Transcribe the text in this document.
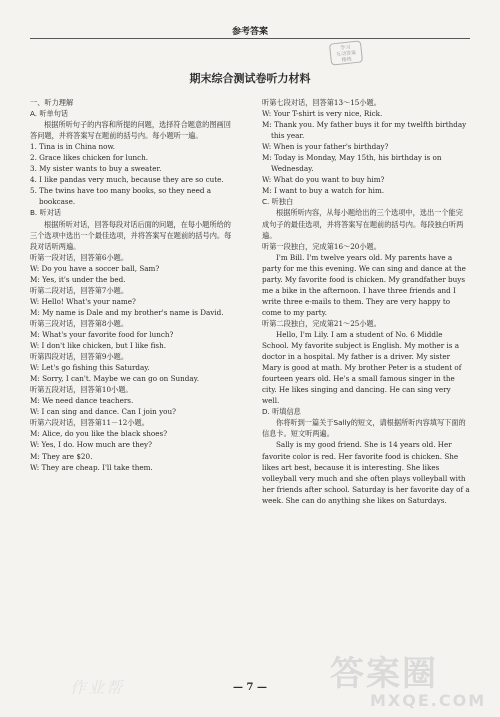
参考答案
学习
互动答案
精练
期末综合测试卷听力材料

一、听力理解

A. 听单句话

根据所听句子的内容和所提的问题，选择符合题意的图画回答问题，并将答案写在题前的括号内。每小题听一遍。

1. Tina is in China now.

2. Grace likes chicken for lunch.

3. My sister wants to buy a sweater.

4. I like pandas very much, because they are so cute.

5. The twins have too many books, so they need a bookcase.

B. 听对话

根据所听对话，回答每段对话后面的问题，在每小题所给的三个选项中选出一个最佳选项，并将答案写在题前的括号内。每段对话听两遍。

听第一段对话，回答第6小题。

W: Do you have a soccer ball, Sam?

M: Yes, it's under the bed.

听第二段对话，回答第7小题。

W: Hello! What's your name?

M: My name is Dale and my brother's name is David.

听第三段对话，回答第8小题。

M: What's your favorite food for lunch?

W: I don't like chicken, but I like fish.

听第四段对话，回答第9小题。

W: Let's go fishing this Saturday.

M: Sorry, I can't. Maybe we can go on Sunday.

听第五段对话，回答第10小题。

M: We need dance teachers.

W: I can sing and dance. Can I join you?

听第六段对话，回答第11－12小题。

M: Alice, do you like the black shoes?

W: Yes, I do. How much are they?

M: They are $20.

W: They are cheap. I'll take them.

听第七段对话，回答第13～15小题。

W: Your T-shirt is very nice, Rick.

M: Thank you. My father buys it for my twelfth birthday this year.

W: When is your father's birthday?

M: Today is Monday, May 15th, his birthday is on Wednesday.

W: What do you want to buy him?

M: I want to buy a watch for him.

C. 听独白

根据所听内容，从每小题给出的三个选项中，选出一个能完成句子的最佳选项，并将答案写在题前的括号内。每段独白听两遍。

听第一段独白，完成第16～20小题。

I'm Bill. I'm twelve years old. My parents have a party for me this evening. We can sing and dance at the party. My favorite food is chicken. My grandfather buys me a bike in the afternoon. I have three friends and I write three e-mails to them. They are very happy to come to my party.

听第二段独白，完成第21～25小题。

Hello, I'm Lily. I am a student of No. 6 Middle School. My favorite subject is English. My mother is a doctor in a hospital. My father is a driver. My sister Mary is good at math. My brother Peter is a student of fourteen years old. He's a small famous singer in the city. He likes singing and dancing. He can sing very well.

D. 听填信息

你将听到一篇关于Sally的短文，请根据所听内容填写下面的信息卡。短文听两遍。

Sally is my good friend. She is 14 years old. Her favorite color is red. Her favorite food is chicken. She likes art best, because it is interesting. She likes volleyball very much and she often plays volleyball with her friends after school. Saturday is her favorite day of a week. She can do anything she likes on Saturdays.

— 7 —
作业帮	答案圈
MXQE.COM
